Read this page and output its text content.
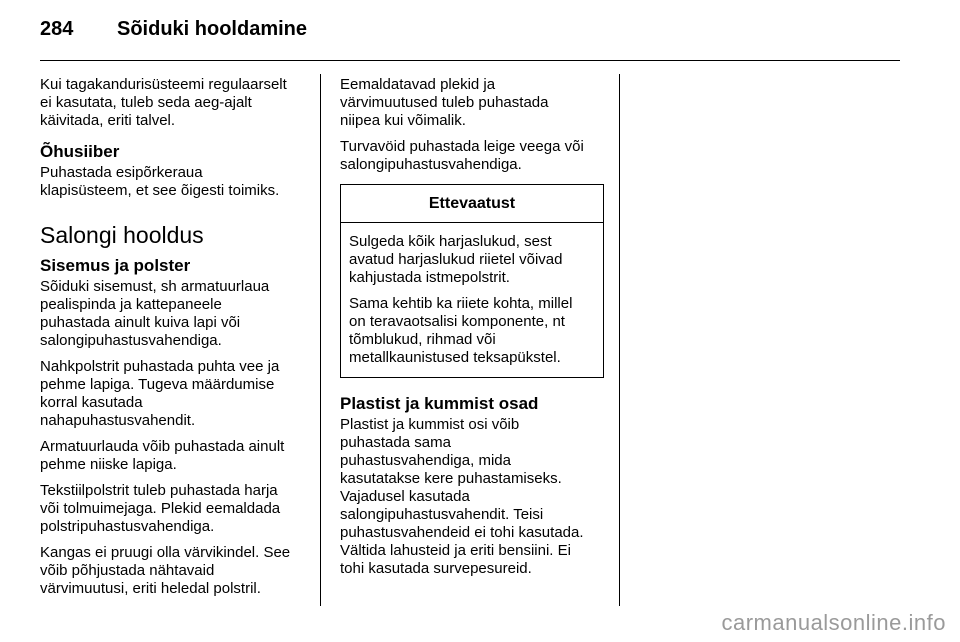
284 Sõiduki hooldamine

Kui tagakandurisüsteemi regulaarselt
ei kasutata, tuleb seda aeg-ajalt
käivitada, eriti talvel.

Õhusiiber

Puhastada esipõrkeraua
klapisüsteem, et see õigesti toimiks.

Salongi hooldus
Sisemus ja polster

Sõiduki sisemust, sh armatuurlaua
pealispinda ja kattepaneele
puhastada ainult kuiva lapi või
salongipuhastusvahendiga.

Nahkpolstrit puhastada puhta vee ja
pehme lapiga. Tugeva määrdumise
korral kasutada
nahapuhastusvahendit.

Armatuurlauda võib puhastada ainult
pehme niiske lapiga.

Tekstiilpolstrit tuleb puhastada harja
või tolmuimejaga. Plekid eemaldada
polstripuhastusvahendiga.

Kangas ei pruugi olla värvikindel. See
võib põhjustada nähtavaid
värvimuutusi, eriti heledal polstril.

Eemaldatavad plekid ja
värvimuutused tuleb puhastada
niipea kui võimalik.

Turvavöid puhastada leige veega või
salongipuhastusvahendiga.

Ettevaatust

Sulgeda kõik harjaslukud, sest
avatud harjaslukud riietel võivad
kahjustada istmepolstrit.

Sama kehtib ka riiete kohta, millel
on teravaotsalisi komponente, nt
tõmblukud, rihmad või
metallkaunistused teksapükstel.

Plastist ja kummist osad

Plastist ja kummist osi võib
puhastada sama
puhastusvahendiga, mida
kasutatakse kere puhastamiseks.
Vajadusel kasutada
salongipuhastusvahendit. Teisi
puhastusvahendeid ei tohi kasutada.
Vältida lahusteid ja eriti bensiini. Ei
tohi kasutada survepesureid.

carmanualsonline.info
